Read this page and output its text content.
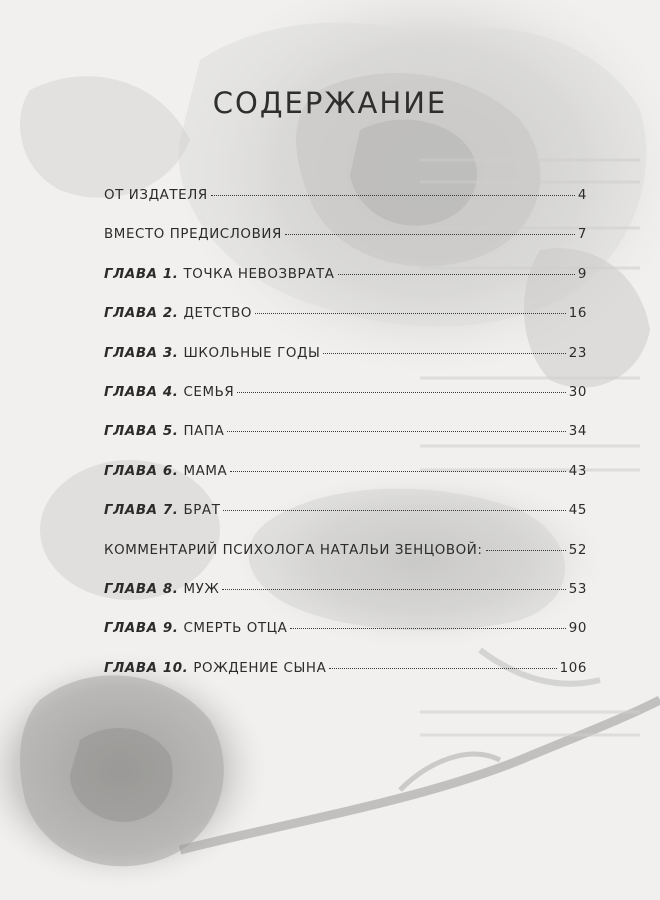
СОДЕРЖАНИЕ
ОТ ИЗДАТЕЛЯ	4
ВМЕСТО ПРЕДИСЛОВИЯ	7
ГЛАВА 1. ТОЧКА НЕВОЗВРАТА	9
ГЛАВА 2. ДЕТСТВО	16
ГЛАВА 3. ШКОЛЬНЫЕ ГОДЫ	23
ГЛАВА 4. СЕМЬЯ	30
ГЛАВА 5. ПАПА	34
ГЛАВА 6. МАМА	43
ГЛАВА 7. БРАТ	45
КОММЕНТАРИЙ ПСИХОЛОГА НАТАЛЬИ ЗЕНЦОВОЙ:	52
ГЛАВА 8. МУЖ	53
ГЛАВА 9. СМЕРТЬ ОТЦА	90
ГЛАВА 10. РОЖДЕНИЕ СЫНА	106
